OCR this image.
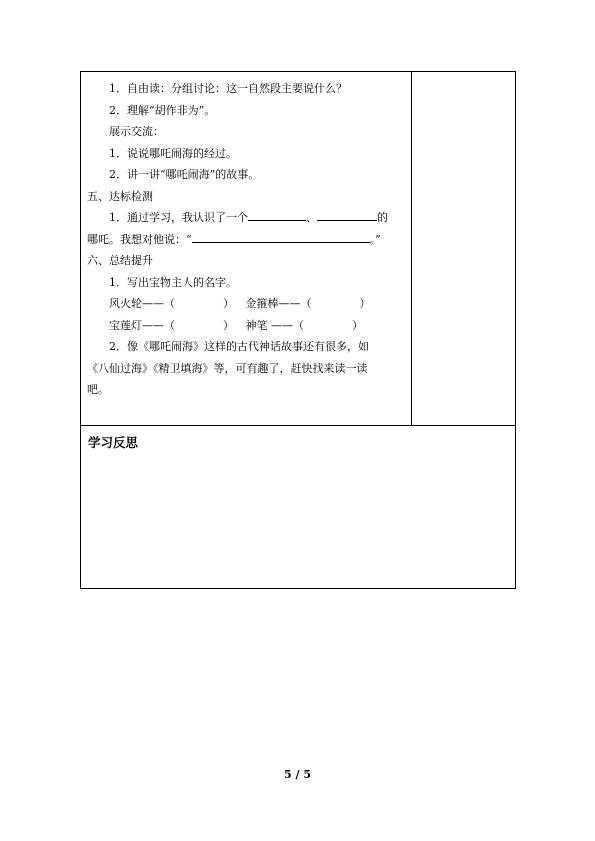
1．自由读：分组讨论：这一自然段主要说什么？
2．理解“胡作非为”。
展示交流：
1．说说哪吒闹海的经过。
2．讲一讲“哪吒闹海”的故事。
五、达标检测
1．通过学习，我认识了一个	、	的
哪吒。我想对他说：“	。”
六、总结提升
1．写出宝物主人的名字。
风火轮——（	） 金箍棒——（	）
宝莲灯——（	） 神笔 ——（	）
2．像《哪吒闹海》这样的古代神话故事还有很多，如
《八仙过海》《精卫填海》等，可有趣了，赶快找来读一读
吧。
学习反思
5 / 5
